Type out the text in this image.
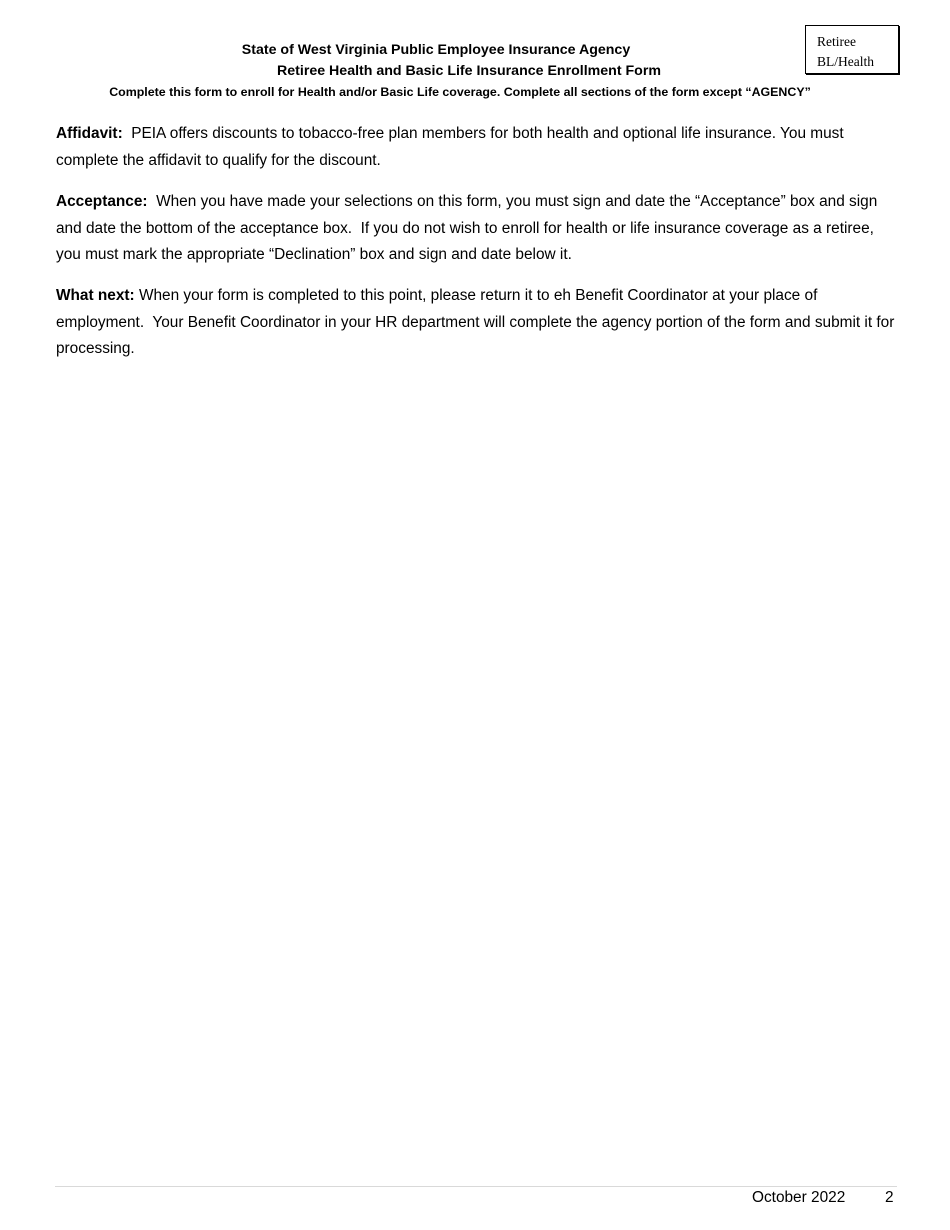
Retiree
BL/Health
State of West Virginia Public Employee Insurance Agency
Retiree Health and Basic Life Insurance Enrollment Form
Complete this form to enroll for Health and/or Basic Life coverage. Complete all sections of the form except “AGENCY”

Affidavit:  PEIA offers discounts to tobacco-free plan members for both health and optional life insurance. You must complete the affidavit to qualify for the discount.

Acceptance:  When you have made your selections on this form, you must sign and date the “Acceptance” box and sign and date the bottom of the acceptance box.  If you do not wish to enroll for health or life insurance coverage as a retiree, you must mark the appropriate “Declination” box and sign and date below it.

What next: When your form is completed to this point, please return it to eh Benefit Coordinator at your place of employment.  Your Benefit Coordinator in your HR department will complete the agency portion of the form and submit it for processing.

October 2022	2
